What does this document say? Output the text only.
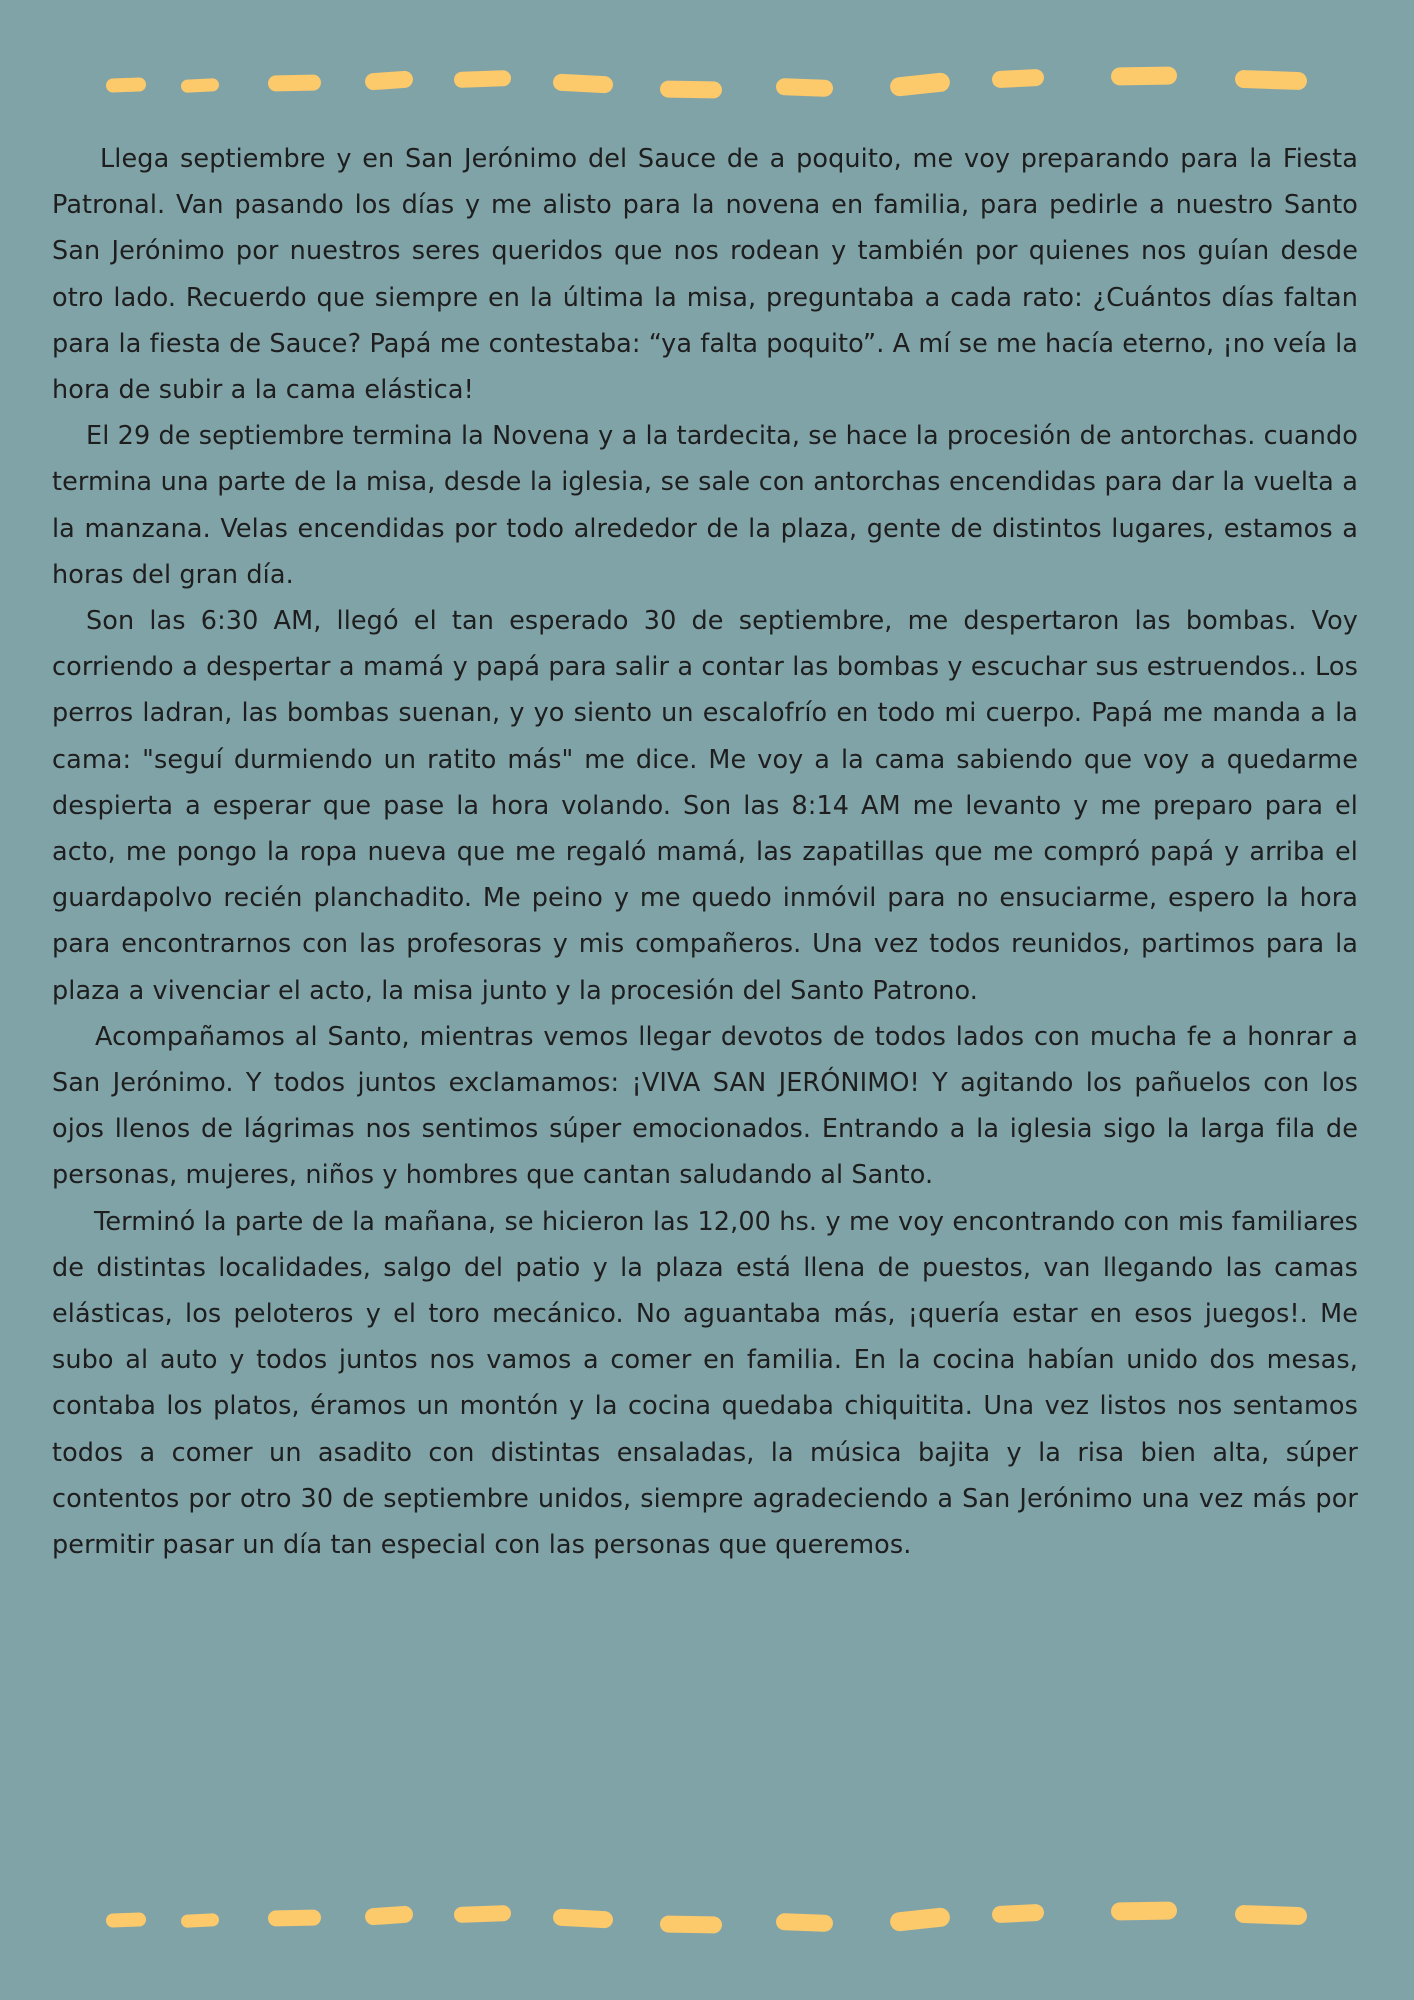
Llega septiembre y en San Jerónimo del Sauce de a poquito, me voy preparando para la Fiesta Patronal. Van pasando los días y me alisto para la novena en familia, para pedirle a nuestro Santo San Jerónimo por nuestros seres queridos que nos rodean y también por quienes nos guían desde otro lado. Recuerdo que siempre en la última la misa, preguntaba a cada rato: ¿Cuántos días faltan para la fiesta de Sauce? Papá me contestaba: “ya falta poquito”. A mí se me hacía eterno, ¡no veía la hora de subir a la cama elástica!

El 29 de septiembre termina la Novena y a la tardecita, se hace la procesión de antorchas. cuando termina una parte de la misa, desde la iglesia, se sale con antorchas encendidas para dar la vuelta a la manzana. Velas encendidas por todo alrededor de la plaza, gente de distintos lugares, estamos a horas del gran día.

Son las 6:30 AM, llegó el tan esperado 30 de septiembre, me despertaron las bombas. Voy corriendo a despertar a mamá y papá para salir a contar las bombas y escuchar sus estruendos.. Los perros ladran, las bombas suenan, y yo siento un escalofrío en todo mi cuerpo. Papá me manda a la cama: "seguí durmiendo un ratito más" me dice. Me voy a la cama sabiendo que voy a quedarme despierta a esperar que pase la hora volando. Son las 8:14 AM me levanto y me preparo para el acto, me pongo la ropa nueva que me regaló mamá, las zapatillas que me compró papá y arriba el guardapolvo recién planchadito. Me peino y me quedo inmóvil para no ensuciarme, espero la hora para encontrarnos con las profesoras y mis compañeros. Una vez todos reunidos, partimos para la plaza a vivenciar el acto, la misa junto y la procesión del Santo Patrono.

Acompañamos al Santo, mientras vemos llegar devotos de todos lados con mucha fe a honrar a San Jerónimo. Y todos juntos exclamamos: ¡VIVA SAN JERÓNIMO! Y agitando los pañuelos con los ojos llenos de lágrimas nos sentimos súper emocionados. Entrando a la iglesia sigo la larga fila de personas, mujeres, niños y hombres que cantan saludando al Santo.

Terminó la parte de la mañana, se hicieron las 12,00 hs. y me voy encontrando con mis familiares de distintas localidades, salgo del patio y la plaza está llena de puestos, van llegando las camas elásticas, los peloteros y el toro mecánico. No aguantaba más, ¡quería estar en esos juegos!. Me subo al auto y todos juntos nos vamos a comer en familia. En la cocina habían unido dos mesas, contaba los platos, éramos un montón y la cocina quedaba chiquitita. Una vez listos nos sentamos todos a comer un asadito con distintas ensaladas, la música bajita y la risa bien alta, súper contentos por otro 30 de septiembre unidos, siempre agradeciendo a San Jerónimo una vez más por permitir pasar un día tan especial con las personas que queremos.
